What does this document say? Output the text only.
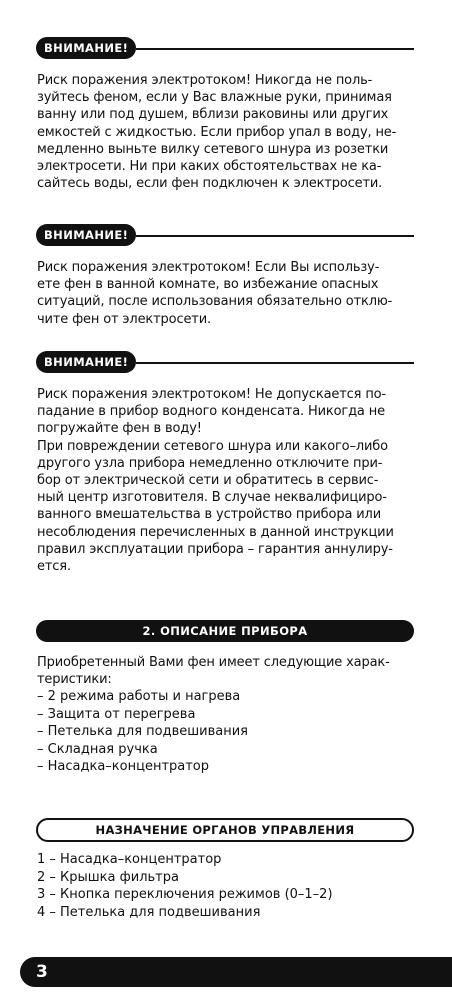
ВНИМАНИЕ!

Риск поражения электротоком! Никогда не поль-
зуйтесь феном, если у Вас влажные руки, принимая
ванну или под душем, вблизи раковины или других
емкостей с жидкостью. Если прибор упал в воду, не-
медленно выньте вилку сетевого шнура из розетки
электросети. Ни при каких обстоятельствах не ка-
сайтесь воды, если фен подключен к электросети.

ВНИМАНИЕ!

Риск поражения электротоком! Если Вы использу-
ете фен в ванной комнате, во избежание опасных
ситуаций, после использования обязательно отклю-
чите фен от электросети.

ВНИМАНИЕ!

Риск поражения электротоком! Не допускается по-
падание в прибор водного конденсата. Никогда не
погружайте фен в воду!
При повреждении сетевого шнура или какого–либо
другого узла прибора немедленно отключите при-
бор от электрической сети и обратитесь в сервис-
ный центр изготовителя. В случае неквалифициро-
ванного вмешательства в устройство прибора или
несоблюдения перечисленных в данной инструкции
правил эксплуатации прибора – гарантия аннулиру-
ется.

2. ОПИСАНИЕ ПРИБОРА

Приобретенный Вами фен имеет следующие харак-
теристики:

– 2 режима работы и нагрева
– Защита от перегрева
– Петелька для подвешивания
– Складная ручка
– Насадка–концентратор
НАЗНАЧЕНИЕ ОРГАНОВ УПРАВЛЕНИЯ
1 – Насадка–концентратор
2 – Крышка фильтра
3 – Кнопка переключения режимов (0–1–2)
4 – Петелька для подвешивания
3
